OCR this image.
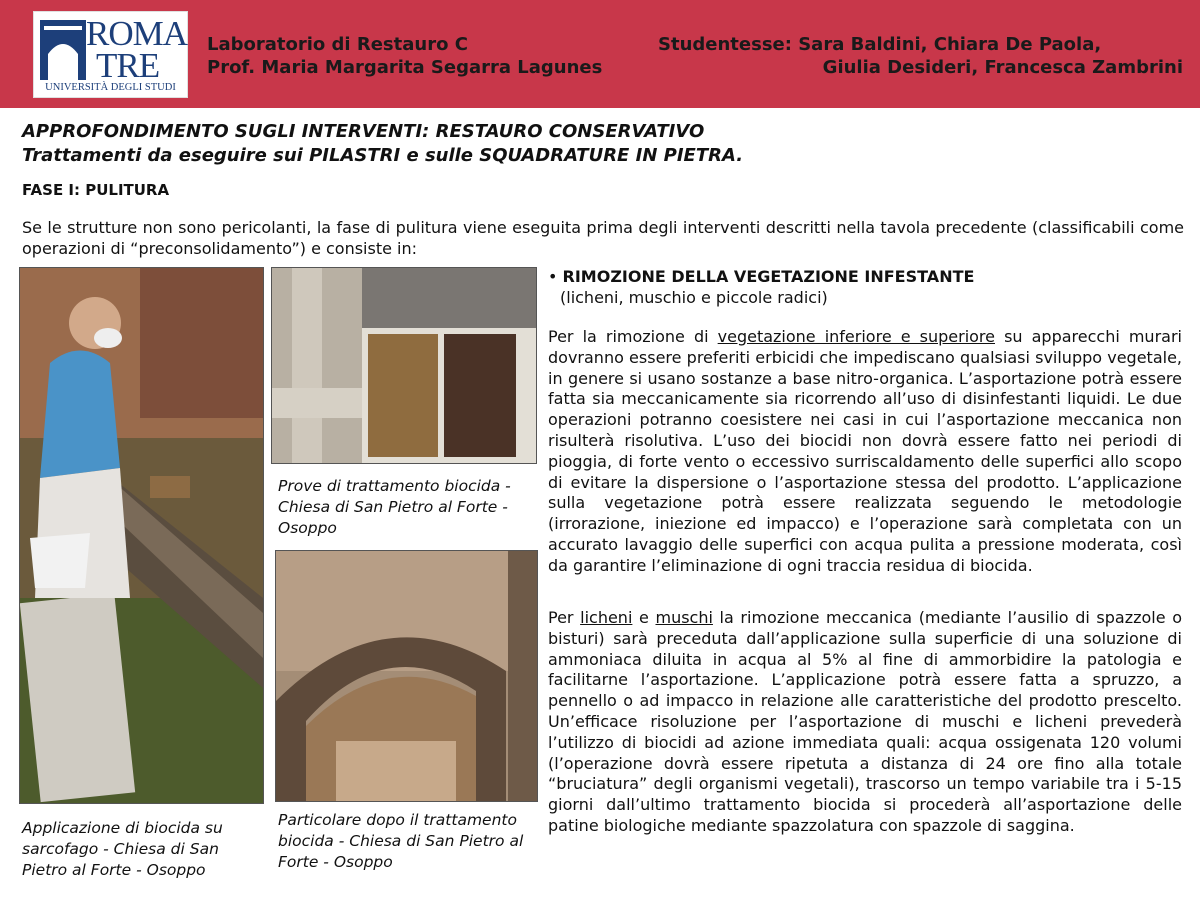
ROMA
TRE
UNIVERSITÀ DEGLI STUDI
Laboratorio di Restauro C
Prof. Maria Margarita Segarra Lagunes
Studentesse: Sara Baldini, Chiara De Paola,
Giulia Desideri, Francesca Zambrini
APPROFONDIMENTO SUGLI INTERVENTI: RESTAURO CONSERVATIVO
Trattamenti da eseguire sui PILASTRI e sulle SQUADRATURE IN PIETRA.
FASE I: PULITURA
Se le strutture non sono pericolanti, la fase di pulitura viene eseguita prima degli interventi descritti nella tavola precedente (classificabili come operazioni di “preconsolidamento”) e consiste in:
Applicazione di biocida su sarcofago - Chiesa di San Pietro al Forte - Osoppo
Prove di trattamento biocida - Chiesa di San Pietro al Forte - Osoppo
Particolare dopo il trattamento biocida - Chiesa di San Pietro al Forte - Osoppo
• RIMOZIONE DELLA VEGETAZIONE INFESTANTE
(licheni, muschio e piccole radici)
Per la rimozione di vegetazione inferiore e superiore su apparecchi murari dovranno essere preferiti erbicidi che impediscano qualsiasi sviluppo vegetale, in genere si usano sostanze a base nitro-organica. L’asportazione potrà essere fatta sia meccanicamente sia ricorrendo all’uso di disinfestanti liquidi. Le due operazioni potranno coesistere nei casi in cui l’asportazione meccanica non risulterà risolutiva. L’uso dei biocidi non dovrà essere fatto nei periodi di pioggia, di forte vento o eccessivo surriscaldamento delle superfici allo scopo di evitare la dispersione o l’asportazione stessa del prodotto. L’applicazione sulla vegetazione potrà essere realizzata seguendo le metodologie (irrorazione, iniezione ed impacco) e l’operazione sarà completata con un accurato lavaggio delle superfici con acqua pulita a pressione moderata, così da garantire l’eliminazione di ogni traccia residua di biocida.
Per licheni e muschi la rimozione meccanica (mediante l’ausilio di spazzole o bisturi) sarà preceduta dall’applicazione sulla superficie di una soluzione di ammoniaca diluita in acqua al 5% al fine di ammorbidire la patologia e facilitarne l’asportazione. L’applicazione potrà essere fatta a spruzzo, a pennello o ad impacco in relazione alle caratteristiche del prodotto prescelto. Un’efficace risoluzione per l’asportazione di muschi e licheni prevederà l’utilizzo di biocidi ad azione immediata quali: acqua ossigenata 120 volumi (l’operazione dovrà essere ripetuta a distanza di 24 ore fino alla totale “bruciatura” degli organismi vegetali), trascorso un tempo variabile tra i 5-15 giorni dall’ultimo trattamento biocida si procederà all’asportazione delle patine biologiche mediante spazzolatura con spazzole di saggina.
